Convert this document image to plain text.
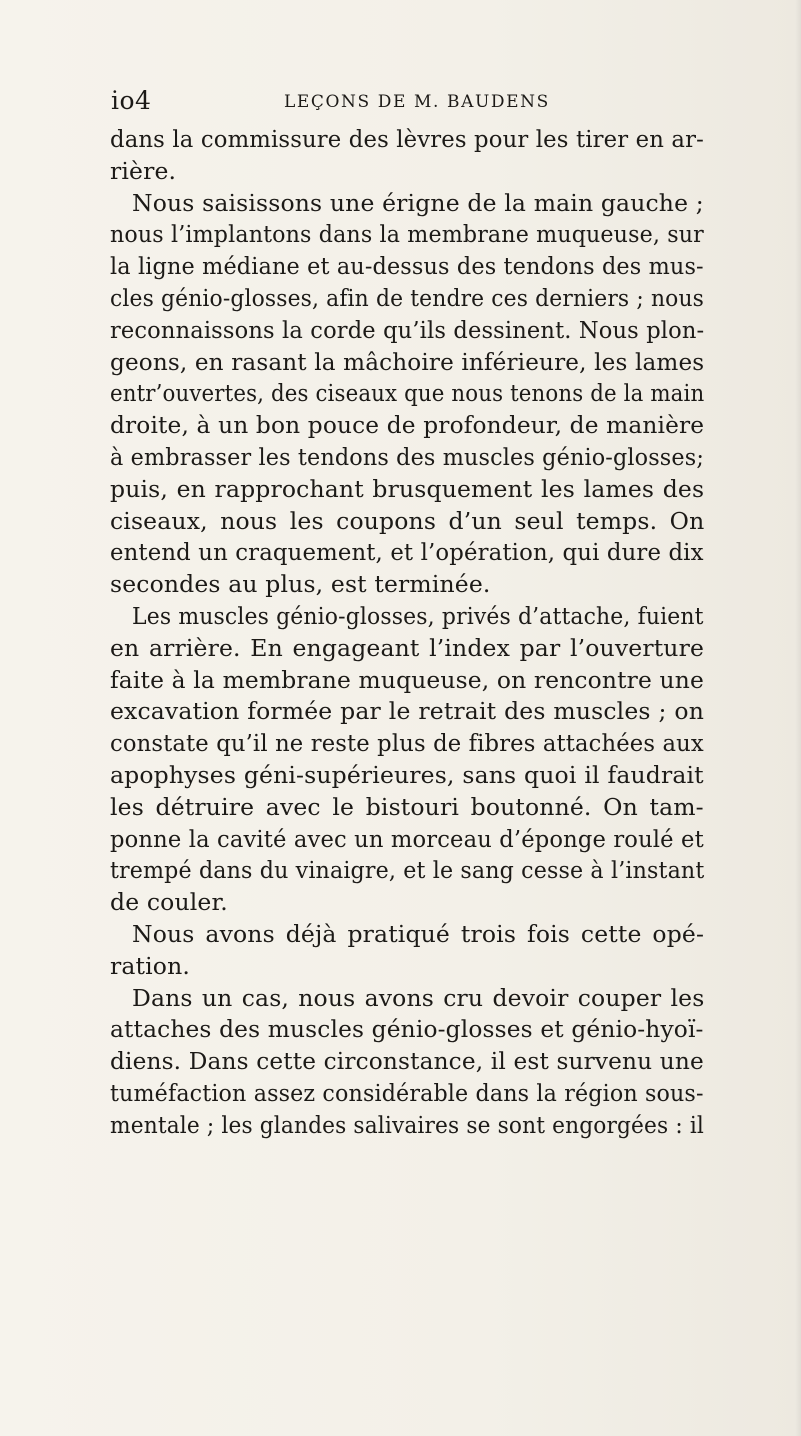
io4	LEÇONS DE M. BAUDENS
dans la commissure des lèvres pour les tirer en ar-
rière.
Nous saisissons une érigne de la main gauche ;
nous l’implantons dans la membrane muqueuse, sur
la ligne médiane et au-dessus des tendons des mus-
cles génio-glosses, afin de tendre ces derniers ; nous
reconnaissons la corde qu’ils dessinent. Nous plon-
geons, en rasant la mâchoire inférieure, les lames
entr’ouvertes, des ciseaux que nous tenons de la main
droite, à un bon pouce de profondeur, de manière
à embrasser les tendons des muscles génio-glosses;
puis, en rapprochant brusquement les lames des
ciseaux, nous les coupons d’un seul temps. On
entend un craquement, et l’opération, qui dure dix
secondes au plus, est terminée.
Les muscles génio-glosses, privés d’attache, fuient
en arrière. En engageant l’index par l’ouverture
faite à la membrane muqueuse, on rencontre une
excavation formée par le retrait des muscles ; on
constate qu’il ne reste plus de fibres attachées aux
apophyses géni-supérieures, sans quoi il faudrait
les détruire avec le bistouri boutonné. On tam-
ponne la cavité avec un morceau d’éponge roulé et
trempé dans du vinaigre, et le sang cesse à l’instant
de couler.
Nous avons déjà pratiqué trois fois cette opé-
ration.
Dans un cas, nous avons cru devoir couper les
attaches des muscles génio-glosses et génio-hyoï-
diens. Dans cette circonstance, il est survenu une
tuméfaction assez considérable dans la région sous-
mentale ; les glandes salivaires se sont engorgées : il
